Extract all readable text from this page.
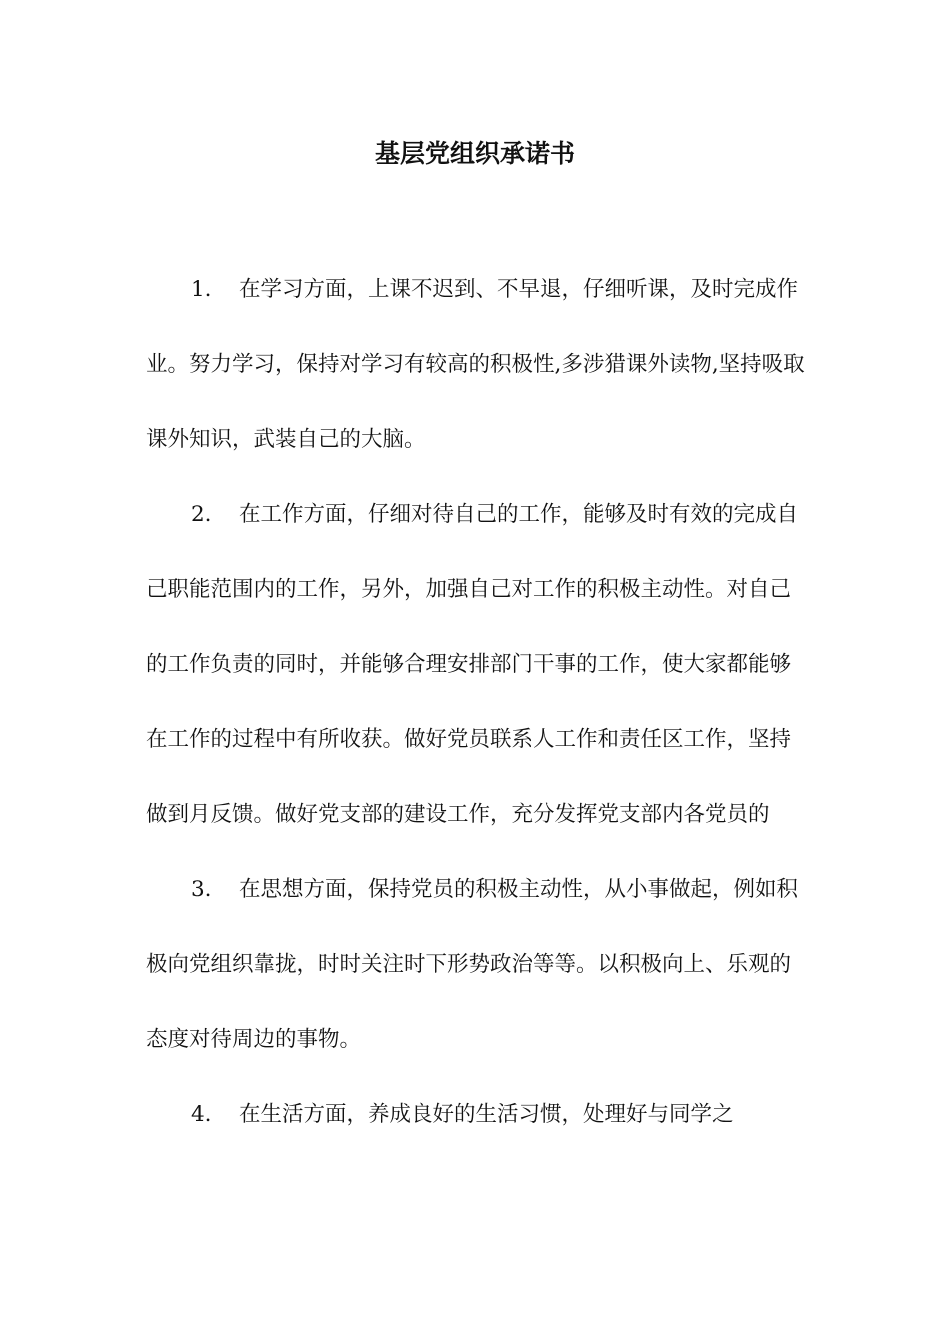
基层党组织承诺书

1. 在学习方面，上课不迟到、不早退，仔细听课，及时完成作业。努力学习，保持对学习有较高的积极性,多涉猎课外读物,坚持吸取课外知识，武装自己的大脑。

2. 在工作方面，仔细对待自己的工作，能够及时有效的完成自己职能范围内的工作，另外，加强自己对工作的积极主动性。对自己的工作负责的同时，并能够合理安排部门干事的工作，使大家都能够在工作的过程中有所收获。做好党员联系人工作和责任区工作，坚持做到月反馈。做好党支部的建设工作，充分发挥党支部内各党员的

3. 在思想方面，保持党员的积极主动性，从小事做起，例如积极向党组织靠拢，时时关注时下形势政治等等。以积极向上、乐观的态度对待周边的事物。

4. 在生活方面，养成良好的生活习惯，处理好与同学之
